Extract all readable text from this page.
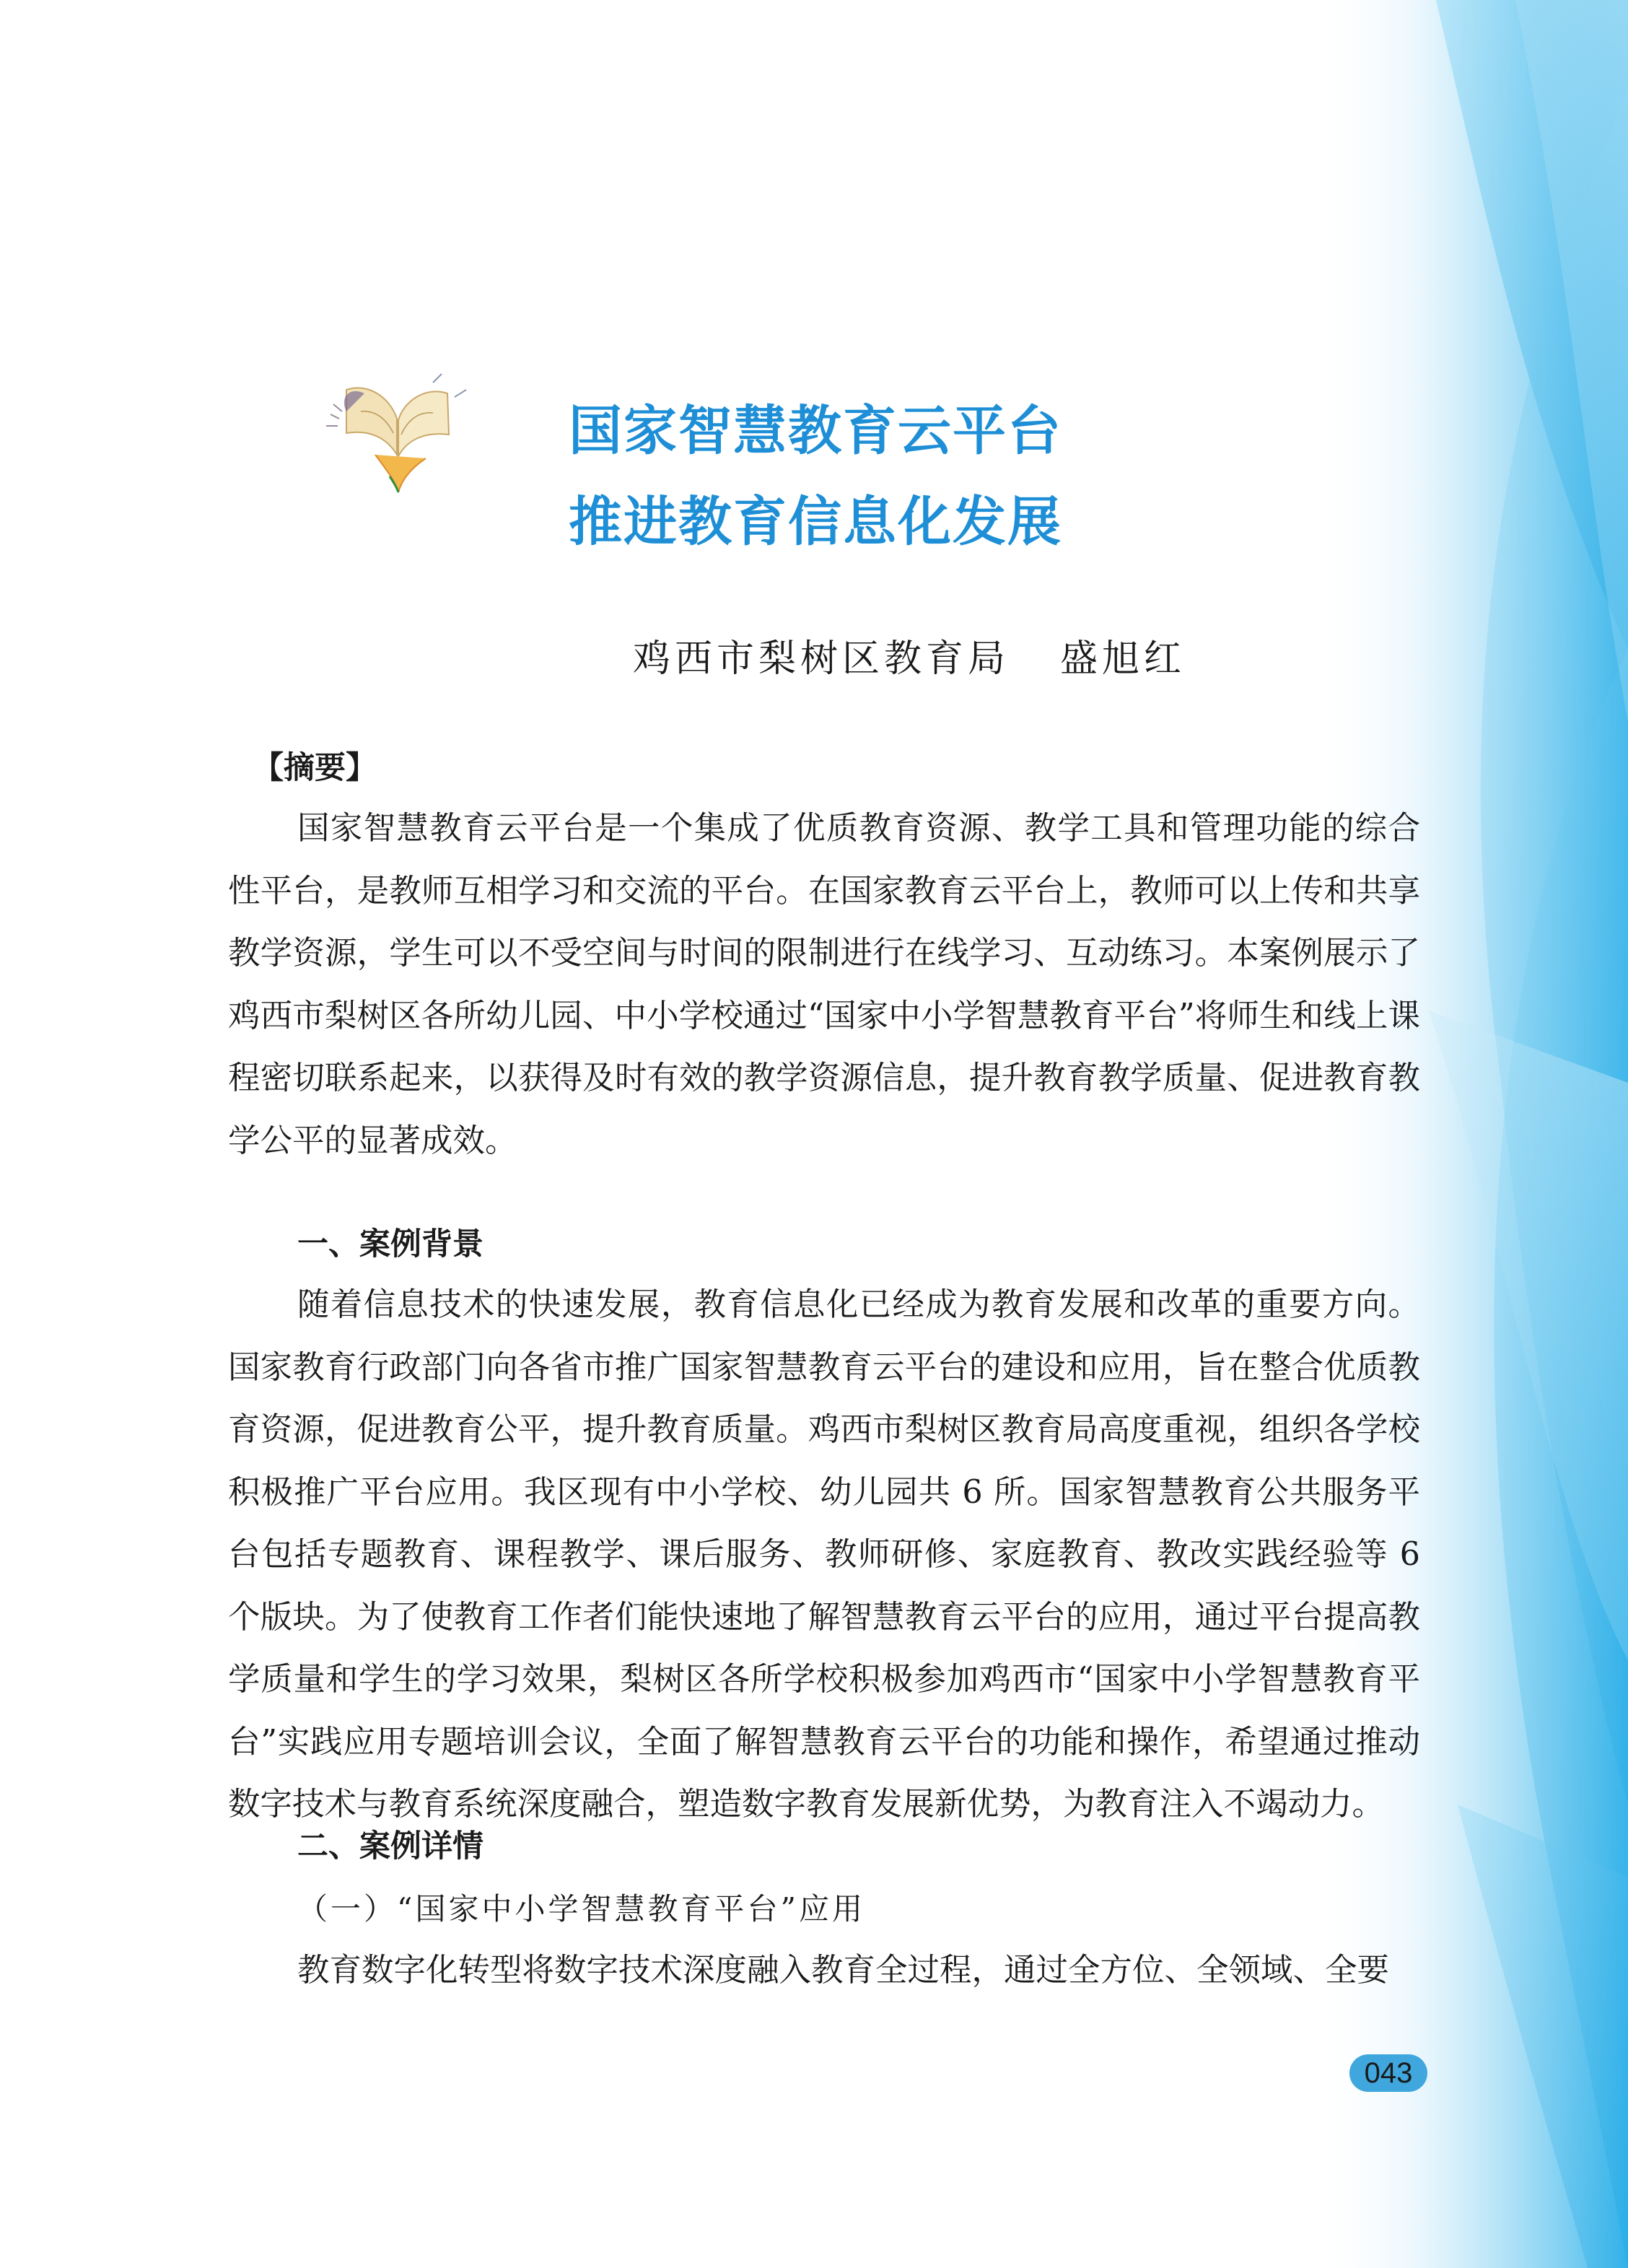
国家智慧教育云平台
推进教育信息化发展
鸡西市梨树区教育局 盛旭红
【摘要】

国家智慧教育云平台是一个集成了优质教育资源、教学工具和管理功能的综合性平台，是教师互相学习和交流的平台。在国家教育云平台上，教师可以上传和共享教学资源，学生可以不受空间与时间的限制进行在线学习、互动练习。本案例展示了鸡西市梨树区各所幼儿园、中小学校通过“国家中小学智慧教育平台”将师生和线上课程密切联系起来，以获得及时有效的教学资源信息，提升教育教学质量、促进教育教学公平的显著成效。

一、案例背景

随着信息技术的快速发展，教育信息化已经成为教育发展和改革的重要方向。国家教育行政部门向各省市推广国家智慧教育云平台的建设和应用，旨在整合优质教育资源，促进教育公平，提升教育质量。鸡西市梨树区教育局高度重视，组织各学校积极推广平台应用。我区现有中小学校、幼儿园共 6 所。国家智慧教育公共服务平台包括专题教育、课程教学、课后服务、教师研修、家庭教育、教改实践经验等 6 个版块。为了使教育工作者们能快速地了解智慧教育云平台的应用，通过平台提高教学质量和学生的学习效果，梨树区各所学校积极参加鸡西市“国家中小学智慧教育平台”实践应用专题培训会议，全面了解智慧教育云平台的功能和操作，希望通过推动数字技术与教育系统深度融合，塑造数字教育发展新优势，为教育注入不竭动力。

二、案例详情
（一）“国家中小学智慧教育平台”应用

教育数字化转型将数字技术深度融入教育全过程，通过全方位、全领域、全要

043
